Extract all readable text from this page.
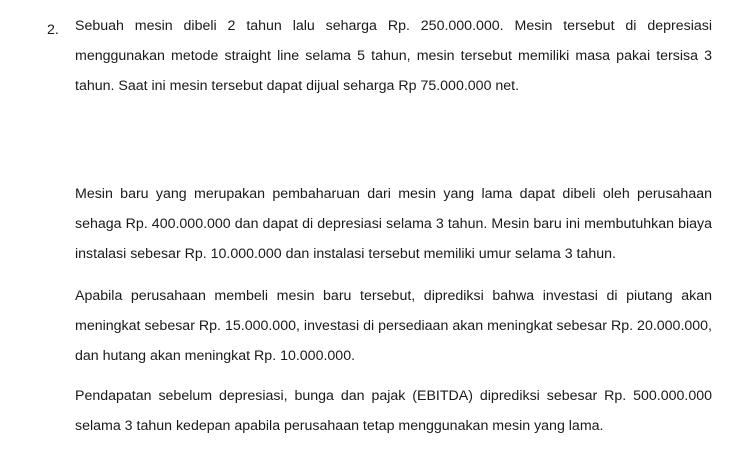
2. Sebuah mesin dibeli 2 tahun lalu seharga Rp. 250.000.000. Mesin tersebut di depresiasi menggunakan metode straight line selama 5 tahun, mesin tersebut memiliki masa pakai tersisa 3 tahun. Saat ini mesin tersebut dapat dijual seharga Rp 75.000.000 net.

Mesin baru yang merupakan pembaharuan dari mesin yang lama dapat dibeli oleh perusahaan sehaga Rp. 400.000.000 dan dapat di depresiasi selama 3 tahun. Mesin baru ini membutuhkan biaya instalasi sebesar Rp. 10.000.000 dan instalasi tersebut memiliki umur selama 3 tahun.

Apabila perusahaan membeli mesin baru tersebut, diprediksi bahwa investasi di piutang akan meningkat sebesar Rp. 15.000.000, investasi di persediaan akan meningkat sebesar Rp. 20.000.000, dan hutang akan meningkat Rp. 10.000.000.

Pendapatan sebelum depresiasi, bunga dan pajak (EBITDA) diprediksi sebesar Rp. 500.000.000 selama 3 tahun kedepan apabila perusahaan tetap menggunakan mesin yang lama.
